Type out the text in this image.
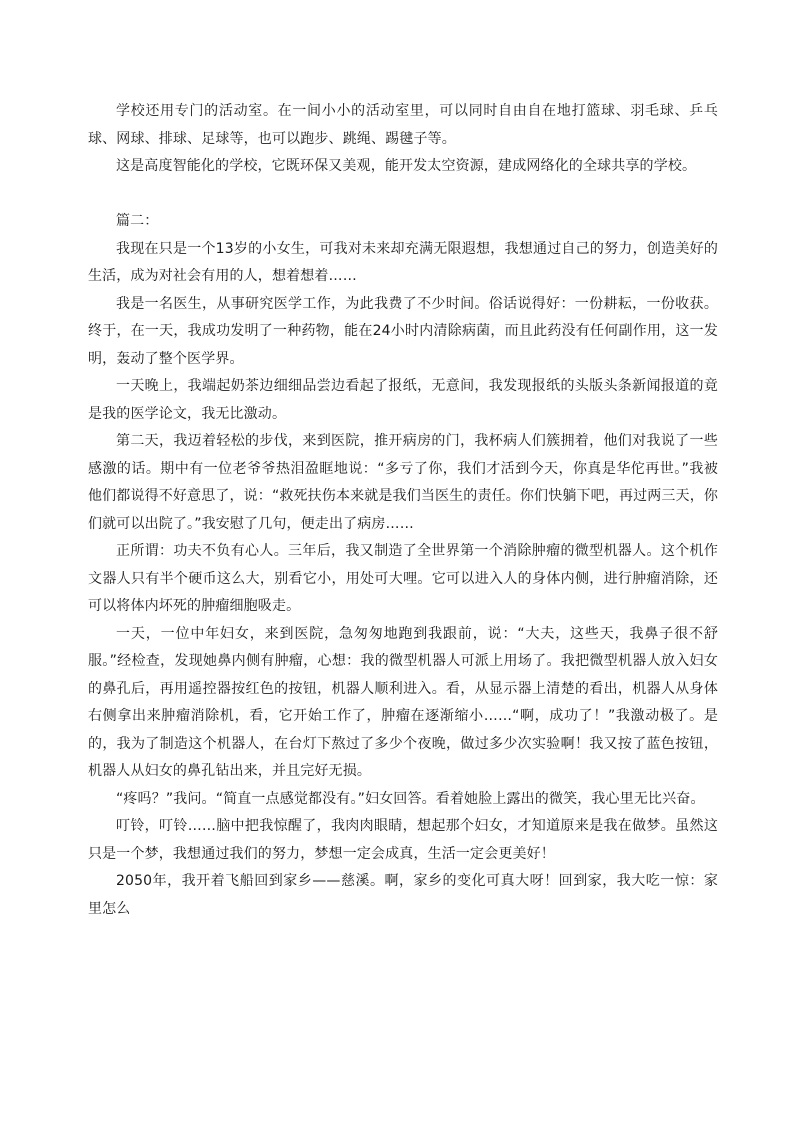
学校还用专门的活动室。在一间小小的活动室里，可以同时自由自在地打篮球、羽毛球、乒乓球、网球、排球、足球等，也可以跑步、跳绳、踢毽子等。

这是高度智能化的学校，它既环保又美观，能开发太空资源，建成网络化的全球共享的学校。

篇二：

我现在只是一个13岁的小女生，可我对未来却充满无限遐想，我想通过自己的努力，创造美好的生活，成为对社会有用的人，想着想着……

我是一名医生，从事研究医学工作，为此我费了不少时间。俗话说得好：一份耕耘，一份收获。终于，在一天，我成功发明了一种药物，能在24小时内清除病菌，而且此药没有任何副作用，这一发明，轰动了整个医学界。

一天晚上，我端起奶茶边细细品尝边看起了报纸，无意间，我发现报纸的头版头条新闻报道的竟是我的医学论文，我无比激动。

第二天，我迈着轻松的步伐，来到医院，推开病房的门，我杯病人们簇拥着，他们对我说了一些感激的话。期中有一位老爷爷热泪盈眶地说：“多亏了你，我们才活到今天，你真是华佗再世。”我被他们都说得不好意思了，说：“救死扶伤本来就是我们当医生的责任。你们快躺下吧，再过两三天，你们就可以出院了。”我安慰了几句，便走出了病房……

正所谓：功夫不负有心人。三年后，我又制造了全世界第一个消除肿瘤的微型机器人。这个机作文器人只有半个硬币这么大，别看它小，用处可大哩。它可以进入人的身体内侧，进行肿瘤消除，还可以将体内坏死的肿瘤细胞吸走。

一天，一位中年妇女，来到医院，急匆匆地跑到我跟前，说：“大夫，这些天，我鼻子很不舒服。”经检查，发现她鼻内侧有肿瘤，心想：我的微型机器人可派上用场了。我把微型机器人放入妇女的鼻孔后，再用遥控器按红色的按钮，机器人顺利进入。看，从显示器上清楚的看出，机器人从身体右侧拿出来肿瘤消除机，看，它开始工作了，肿瘤在逐渐缩小……“啊，成功了！”我激动极了。是的，我为了制造这个机器人，在台灯下熬过了多少个夜晚，做过多少次实验啊！我又按了蓝色按钮，机器人从妇女的鼻孔钻出来，并且完好无损。

“疼吗？”我问。“简直一点感觉都没有。”妇女回答。看着她脸上露出的微笑，我心里无比兴奋。

叮铃，叮铃……脑中把我惊醒了，我肉肉眼睛，想起那个妇女，才知道原来是我在做梦。虽然这只是一个梦，我想通过我们的努力，梦想一定会成真，生活一定会更美好！

2050年，我开着飞船回到家乡——慈溪。啊，家乡的变化可真大呀！回到家，我大吃一惊：家里怎么
